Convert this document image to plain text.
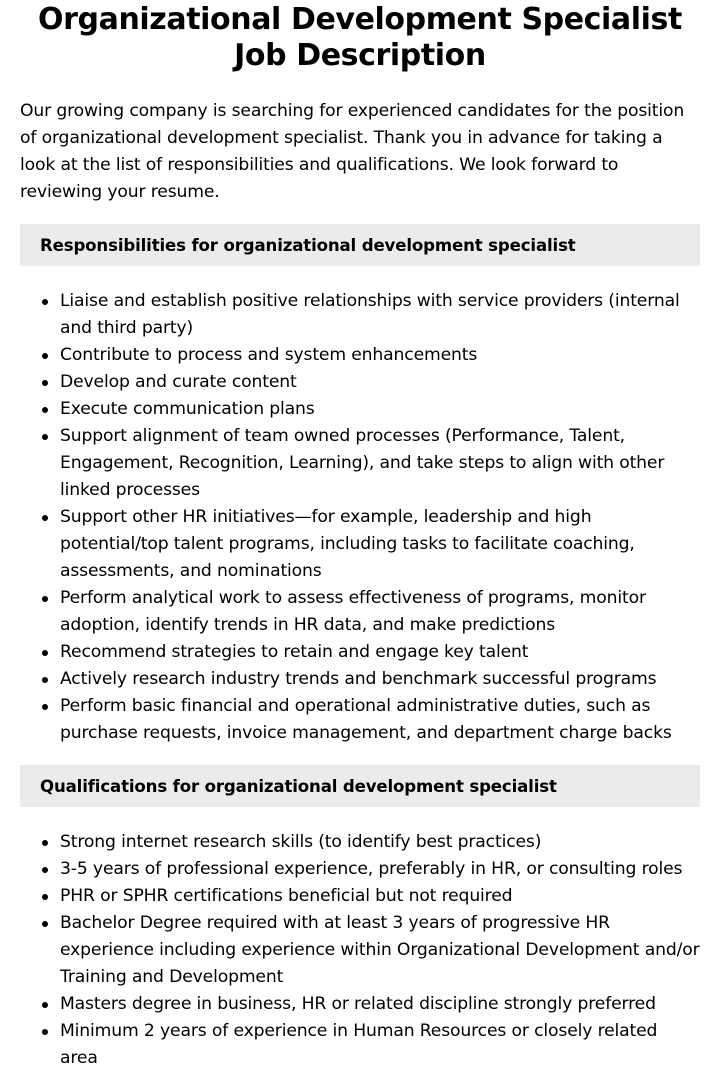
Organizational Development Specialist Job Description

Our growing company is searching for experienced candidates for the position of organizational development specialist. Thank you in advance for taking a look at the list of responsibilities and qualifications. We look forward to reviewing your resume.

Responsibilities for organizational development specialist
Liaise and establish positive relationships with service providers (internal and third party)
Contribute to process and system enhancements
Develop and curate content
Execute communication plans
Support alignment of team owned processes (Performance, Talent, Engagement, Recognition, Learning), and take steps to align with other linked processes
Support other HR initiatives—for example, leadership and high potential/top talent programs, including tasks to facilitate coaching, assessments, and nominations
Perform analytical work to assess effectiveness of programs, monitor adoption, identify trends in HR data, and make predictions
Recommend strategies to retain and engage key talent
Actively research industry trends and benchmark successful programs
Perform basic financial and operational administrative duties, such as purchase requests, invoice management, and department charge backs
Qualifications for organizational development specialist
Strong internet research skills (to identify best practices)
3-5 years of professional experience, preferably in HR, or consulting roles
PHR or SPHR certifications beneficial but not required
Bachelor Degree required with at least 3 years of progressive HR experience including experience within Organizational Development and/or Training and Development
Masters degree in business, HR or related discipline strongly preferred
Minimum 2 years of experience in Human Resources or closely related area
